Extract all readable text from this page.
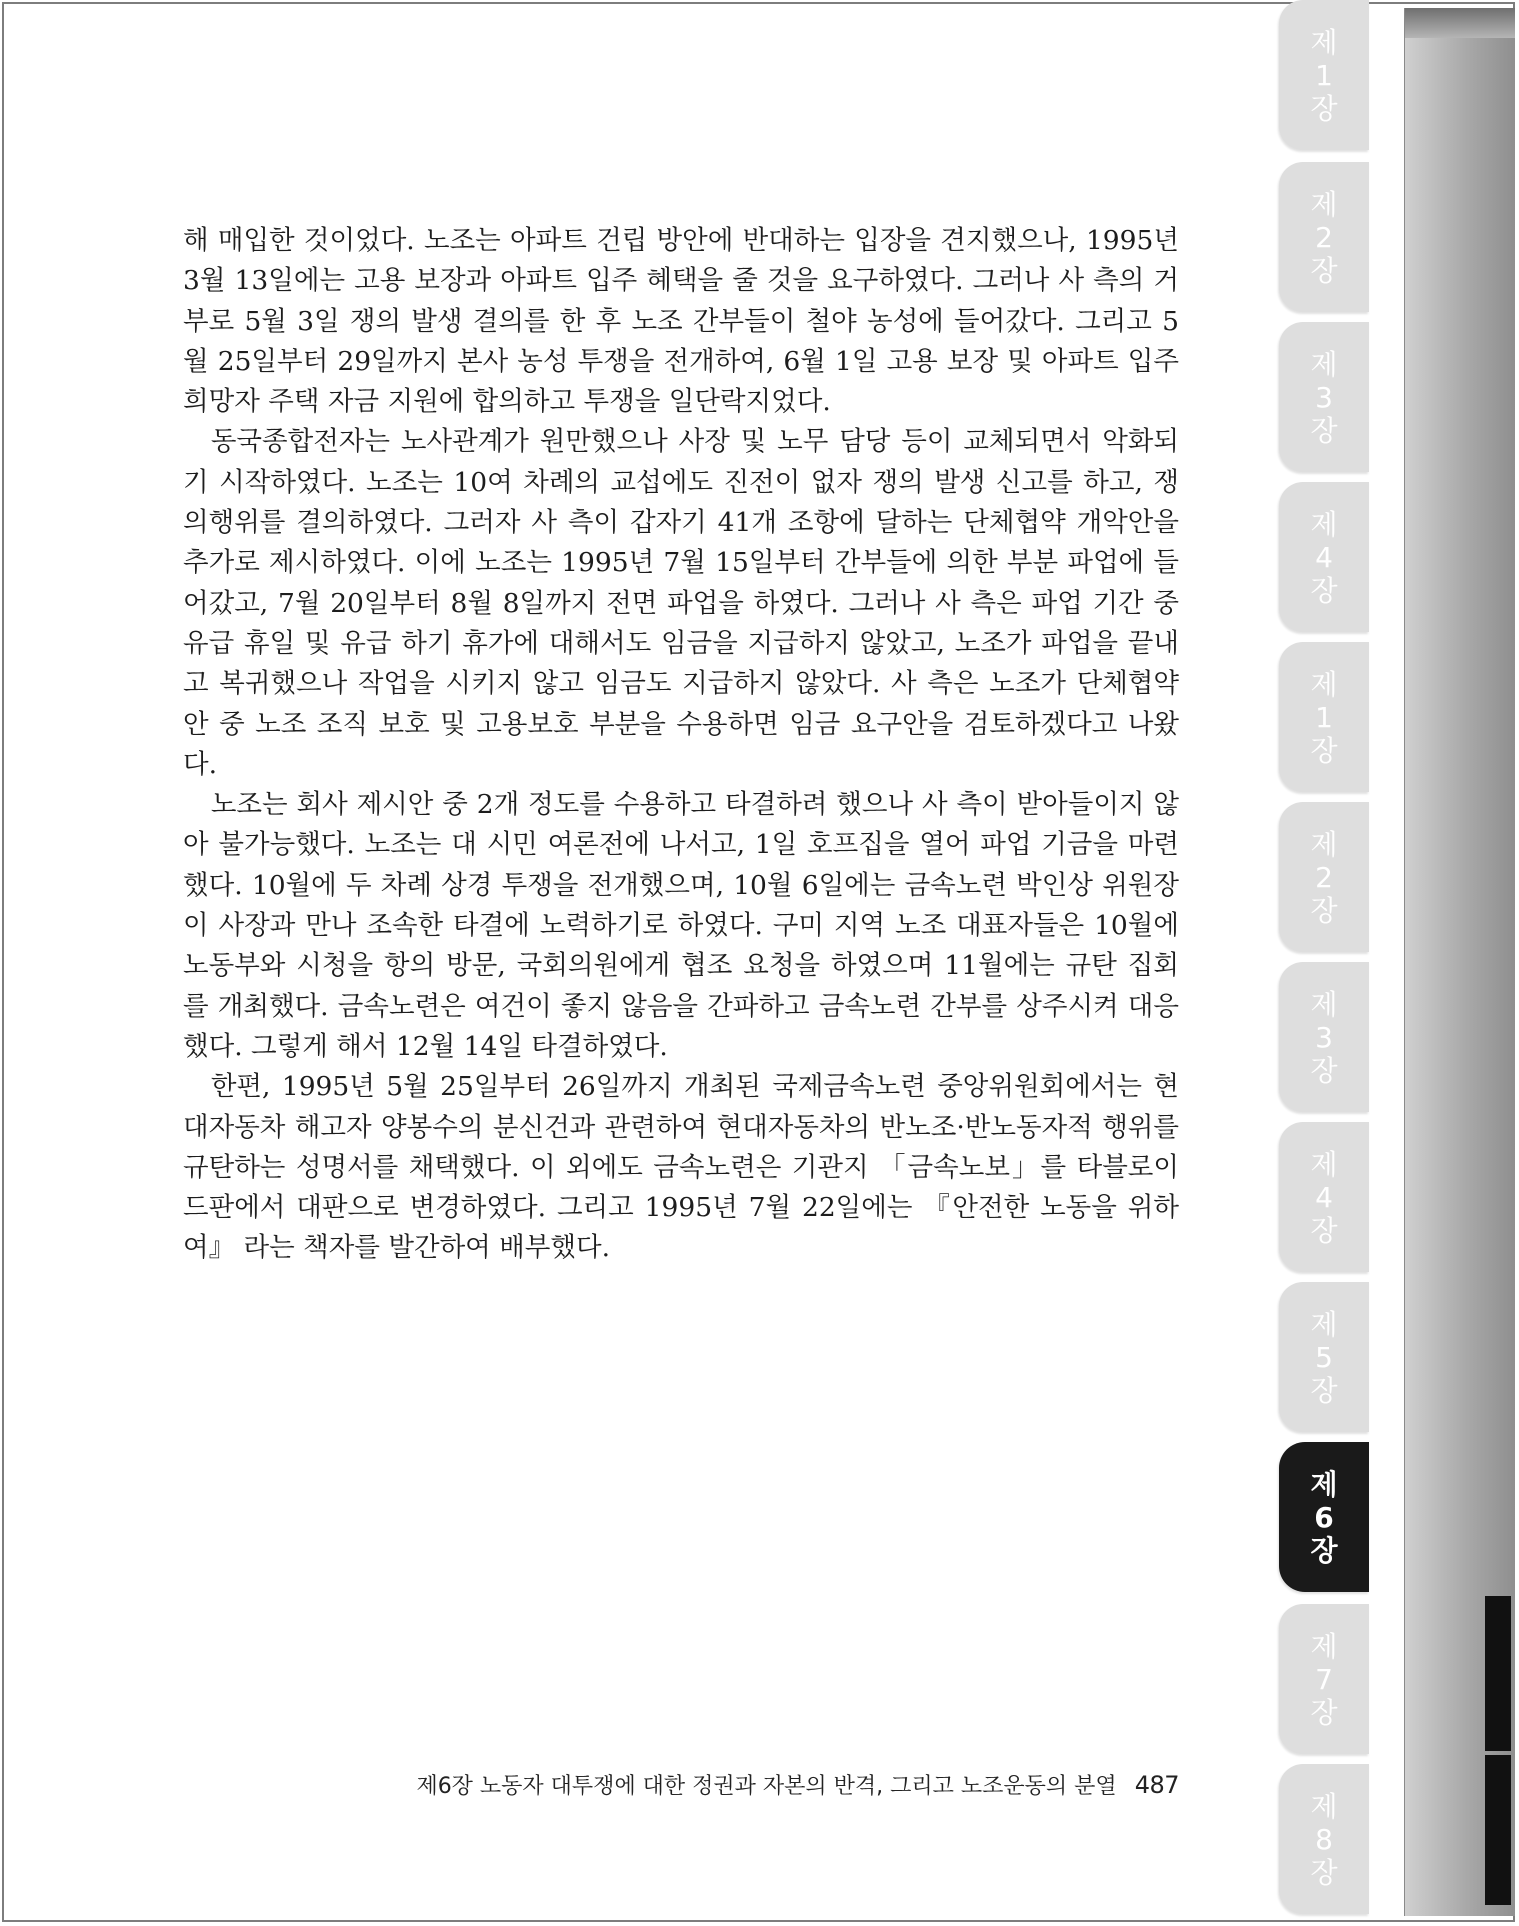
제
1
장
제
2
장
제
3
장
제
4
장
제
1
장
제
2
장
제
3
장
제
4
장
제
5
장
제
6
장
제
7
장
제
8
장

해 매입한 것이었다. 노조는 아파트 건립 방안에 반대하는 입장을 견지했으나, 1995년 3월 13일에는 고용 보장과 아파트 입주 혜택을 줄 것을 요구하였다. 그러나 사 측의 거부로 5월 3일 쟁의 발생 결의를 한 후 노조 간부들이 철야 농성에 들어갔다. 그리고 5월 25일부터 29일까지 본사 농성 투쟁을 전개하여, 6월 1일 고용 보장 및 아파트 입주 희망자 주택 자금 지원에 합의하고 투쟁을 일단락지었다.

동국종합전자는 노사관계가 원만했으나 사장 및 노무 담당 등이 교체되면서 악화되기 시작하였다. 노조는 10여 차례의 교섭에도 진전이 없자 쟁의 발생 신고를 하고, 쟁의행위를 결의하였다. 그러자 사 측이 갑자기 41개 조항에 달하는 단체협약 개악안을 추가로 제시하였다. 이에 노조는 1995년 7월 15일부터 간부들에 의한 부분 파업에 들어갔고, 7월 20일부터 8월 8일까지 전면 파업을 하였다. 그러나 사 측은 파업 기간 중 유급 휴일 및 유급 하기 휴가에 대해서도 임금을 지급하지 않았고, 노조가 파업을 끝내고 복귀했으나 작업을 시키지 않고 임금도 지급하지 않았다. 사 측은 노조가 단체협약안 중 노조 조직 보호 및 고용보호 부분을 수용하면 임금 요구안을 검토하겠다고 나왔다.

노조는 회사 제시안 중 2개 정도를 수용하고 타결하려 했으나 사 측이 받아들이지 않아 불가능했다. 노조는 대 시민 여론전에 나서고, 1일 호프집을 열어 파업 기금을 마련했다. 10월에 두 차례 상경 투쟁을 전개했으며, 10월 6일에는 금속노련 박인상 위원장이 사장과 만나 조속한 타결에 노력하기로 하였다. 구미 지역 노조 대표자들은 10월에 노동부와 시청을 항의 방문, 국회의원에게 협조 요청을 하였으며 11월에는 규탄 집회를 개최했다. 금속노련은 여건이 좋지 않음을 간파하고 금속노련 간부를 상주시켜 대응했다. 그렇게 해서 12월 14일 타결하였다.

한편, 1995년 5월 25일부터 26일까지 개최된 국제금속노련 중앙위원회에서는 현대자동차 해고자 양봉수의 분신건과 관련하여 현대자동차의 반노조·반노동자적 행위를 규탄하는 성명서를 채택했다. 이 외에도 금속노련은 기관지 「금속노보」를 타블로이드판에서 대판으로 변경하였다. 그리고 1995년 7월 22일에는 『안전한 노동을 위하여』 라는 책자를 발간하여 배부했다.

제6장 노동자 대투쟁에 대한 정권과 자본의 반격, 그리고 노조운동의 분열 487
